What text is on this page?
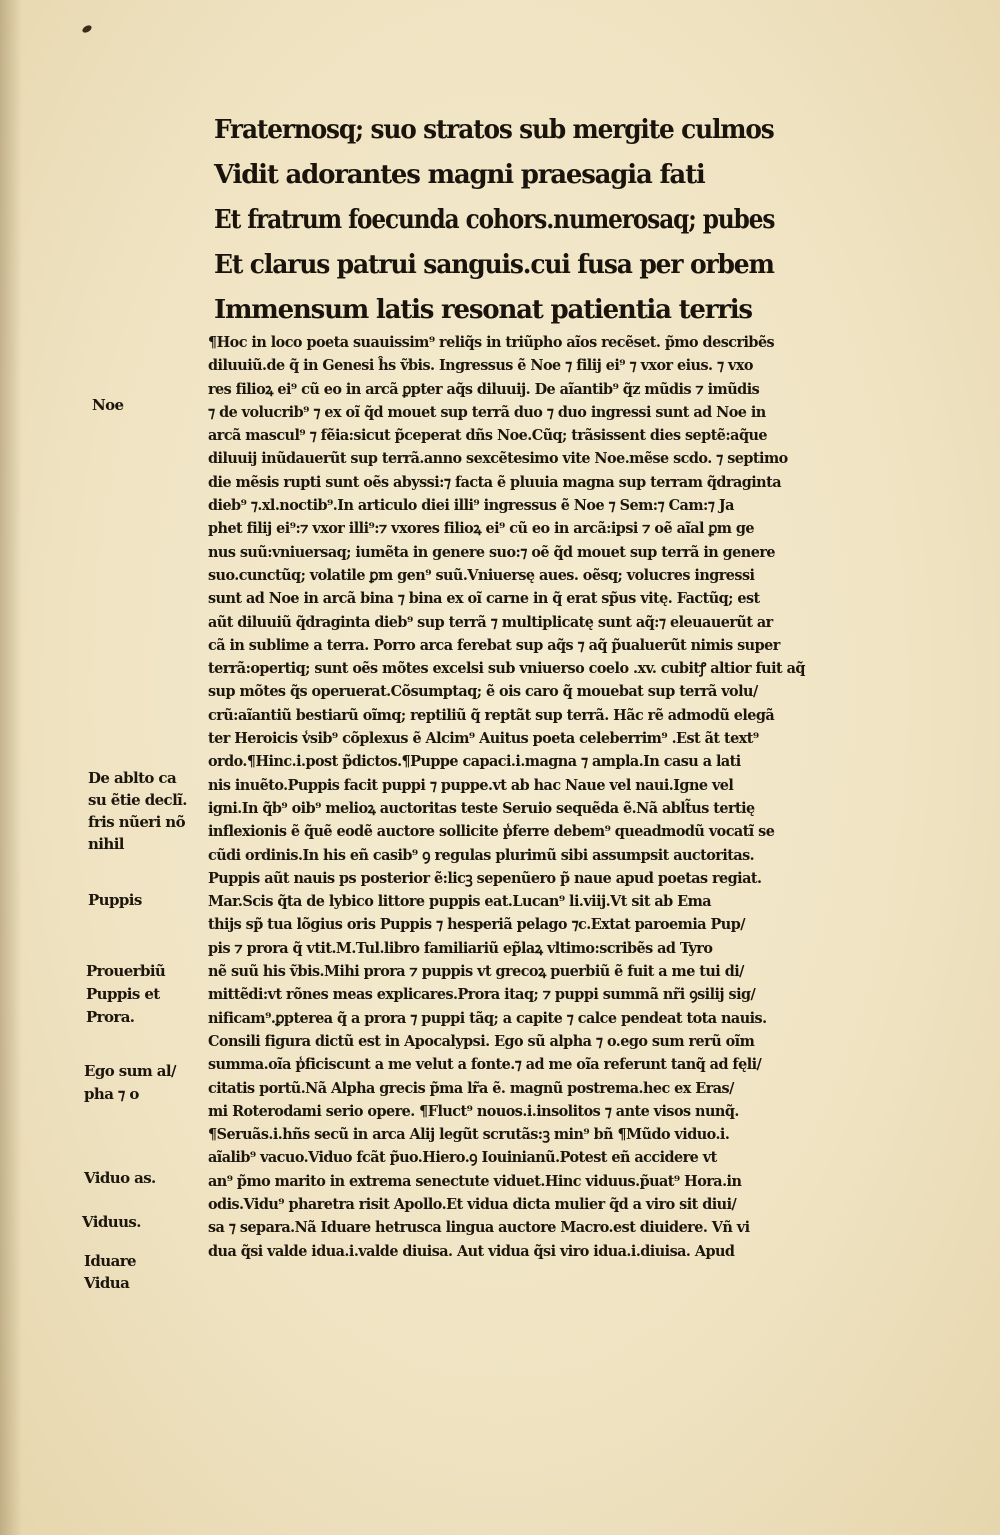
Fraternosq; suo stratos sub mergite culmos
Vidit adorantes magni praesagia fati
Et fratrum foecunda cohors.numerosaq; pubes
Et clarus patrui sanguis.cui fusa per orbem
Immensum latis resonat patientia terris
¶Hoc in loco poeta suauissim⁹ reliq̃s in triũpho aĩos recẽset. p̃mo describẽs
diluuiũ.de q̃ in Genesi ĥs ṽbis. Ingressus ẽ Noe ⁊ filij ei⁹ ⁊ vxor eius. ⁊ vxo
res filioꝝ ei⁹ cũ eo in arcã ꝑpter aq̃s diluuij. De aĩantib⁹ q̃z mũdis ⁊ imũdis
⁊ de volucrib⁹ ⁊ ex oĩ q̃d mouet sup terrã duo ⁊ duo ingressi sunt ad Noe in
arcã mascul⁹ ⁊ fẽia:sicut p̃ceperat dñs Noe.Cũq; trãsissent dies septẽ:aq̃ue
diluuij inũdauerũt sup terrã.anno sexcẽtesimo vite Noe.mẽse scdo. ⁊ septimo
die mẽsis rupti sunt oẽs abyssi:⁊ facta ẽ pluuia magna sup terram q̃draginta
dieb⁹ ⁊.xl.noctib⁹.In articulo diei illi⁹ ingressus ẽ Noe ⁊ Sem:⁊ Cam:⁊ Ja
phet filij ei⁹:⁊ vxor illi⁹:⁊ vxores filioꝝ ei⁹ cũ eo in arcã:ipsi ⁊ oẽ aĩal ꝑm ge
nus suũ:vniuersaq; iumẽta in genere suo:⁊ oẽ q̃d mouet sup terrã in genere
suo.cunctũq; volatile ꝑm gen⁹ suũ.Vniuersę aues. oẽsq; volucres ingressi
sunt ad Noe in arcã bina ⁊ bina ex oĩ carne in q̃ erat sp̃us vitę. Factũq; est
aũt diluuiũ q̃draginta dieb⁹ sup terrã ⁊ multiplicatę sunt aq̃:⁊ eleuauerũt ar
cã in sublime a terra. Porro arca ferebat sup aq̃s ⁊ aq̃ p̃ualuerũt nimis super
terrã:opertiq; sunt oẽs mõtes excelsi sub vniuerso coelo .xv. cubitꝭ altior fuit aq̃
sup mõtes q̃s operuerat.Cõsumptaq; ẽ ois caro q̃ mouebat sup terrã volu/
crũ:aĩantiũ bestiarũ oĩmq; reptiliũ q̃ reptãt sup terrã. Hãc rẽ admodũ elegã
ter Heroicis v̾sib⁹ cõplexus ẽ Alcim⁹ Auitus poeta celeberrim⁹ .Est ãt text⁹
ordo.¶Hinc.i.post p̃dictos.¶Puppe capaci.i.magna ⁊ ampla.In casu a lati
nis inuẽto.Puppis facit puppi ⁊ puppe.vt ab hac Naue vel naui.Igne vel
igni.In q̃b⁹ oib⁹ melioꝝ auctoritas teste Seruio sequẽda ẽ.Nã ablt̃us tertię
inflexionis ẽ q̃uẽ eodẽ auctore sollicite p̾ferre debem⁹ queadmodũ vocatĩ se
cũdi ordinis.In his eñ casib⁹ ꝯ regulas plurimũ sibi assumpsit auctoritas.
Puppis aũt nauis ps posterior ẽ:licꝫ sepenũero p̃ naue apud poetas regiat.
Mar.Scis q̃ta de lybico littore puppis eat.Lucan⁹ li.viij.Vt sit ab Ema
thijs sp̃ tua lõgius oris Puppis ⁊ hesperiã pelago ⁊c.Extat paroemia Pup/
pis ⁊ prora q̃ vtit.M.Tul.libro familiariũ ep̃laꝝ vltimo:scribẽs ad Tyro
nẽ suũ his ṽbis.Mihi prora ⁊ puppis vt grecoꝝ puerbiũ ẽ fuit a me tui di/
mittẽdi:vt rõnes meas explicares.Prora itaq; ⁊ puppi summã nr̃i ꝯsilij sig/
nificam⁹.ꝑpterea q̃ a prora ⁊ puppi tãq; a capite ⁊ calce pendeat tota nauis.
Consili figura dictũ est in Apocalypsi. Ego sũ alpha ⁊ o.ego sum rerũ oĩm
summa.oĩa p̾ficiscunt a me velut a fonte.⁊ ad me oĩa referunt tanq̃ ad fęli/
citatis portũ.Nã Alpha grecis p̃ma lr̃a ẽ. magnũ postrema.hec ex Eras/
mi Roterodami serio opere. ¶Fluct⁹ nouos.i.insolitos ⁊ ante visos nunq̃.
¶Seruãs.i.hñs secũ in arca Alij legũt scrutãs:ꝫ min⁹ bñ ¶Mũdo viduo.i.
aĩalib⁹ vacuo.Viduo fcãt p̃uo.Hiero.ꝯ Iouinianũ.Potest eñ accidere vt
an⁹ p̃mo marito in extrema senectute viduet.Hinc viduus.p̃uat⁹ Hora.in
odis.Vidu⁹ pharetra risit Apollo.Et vidua dicta mulier q̃d a viro sit diui/
sa ⁊ separa.Nã Iduare hetrusca lingua auctore Macro.est diuidere. Vñ vi
dua q̃si valde idua.i.valde diuisa. Aut vidua q̃si viro idua.i.diuisa. Apud
Noe
De ablto ca
su ẽtie declĩ.
fris nũeri nõ
nihil
Puppis
Prouerbiũ
Puppis et
Prora.
Ego sum al/
pha ⁊ o
Viduo as.
Viduus.
Iduare
Vidua
